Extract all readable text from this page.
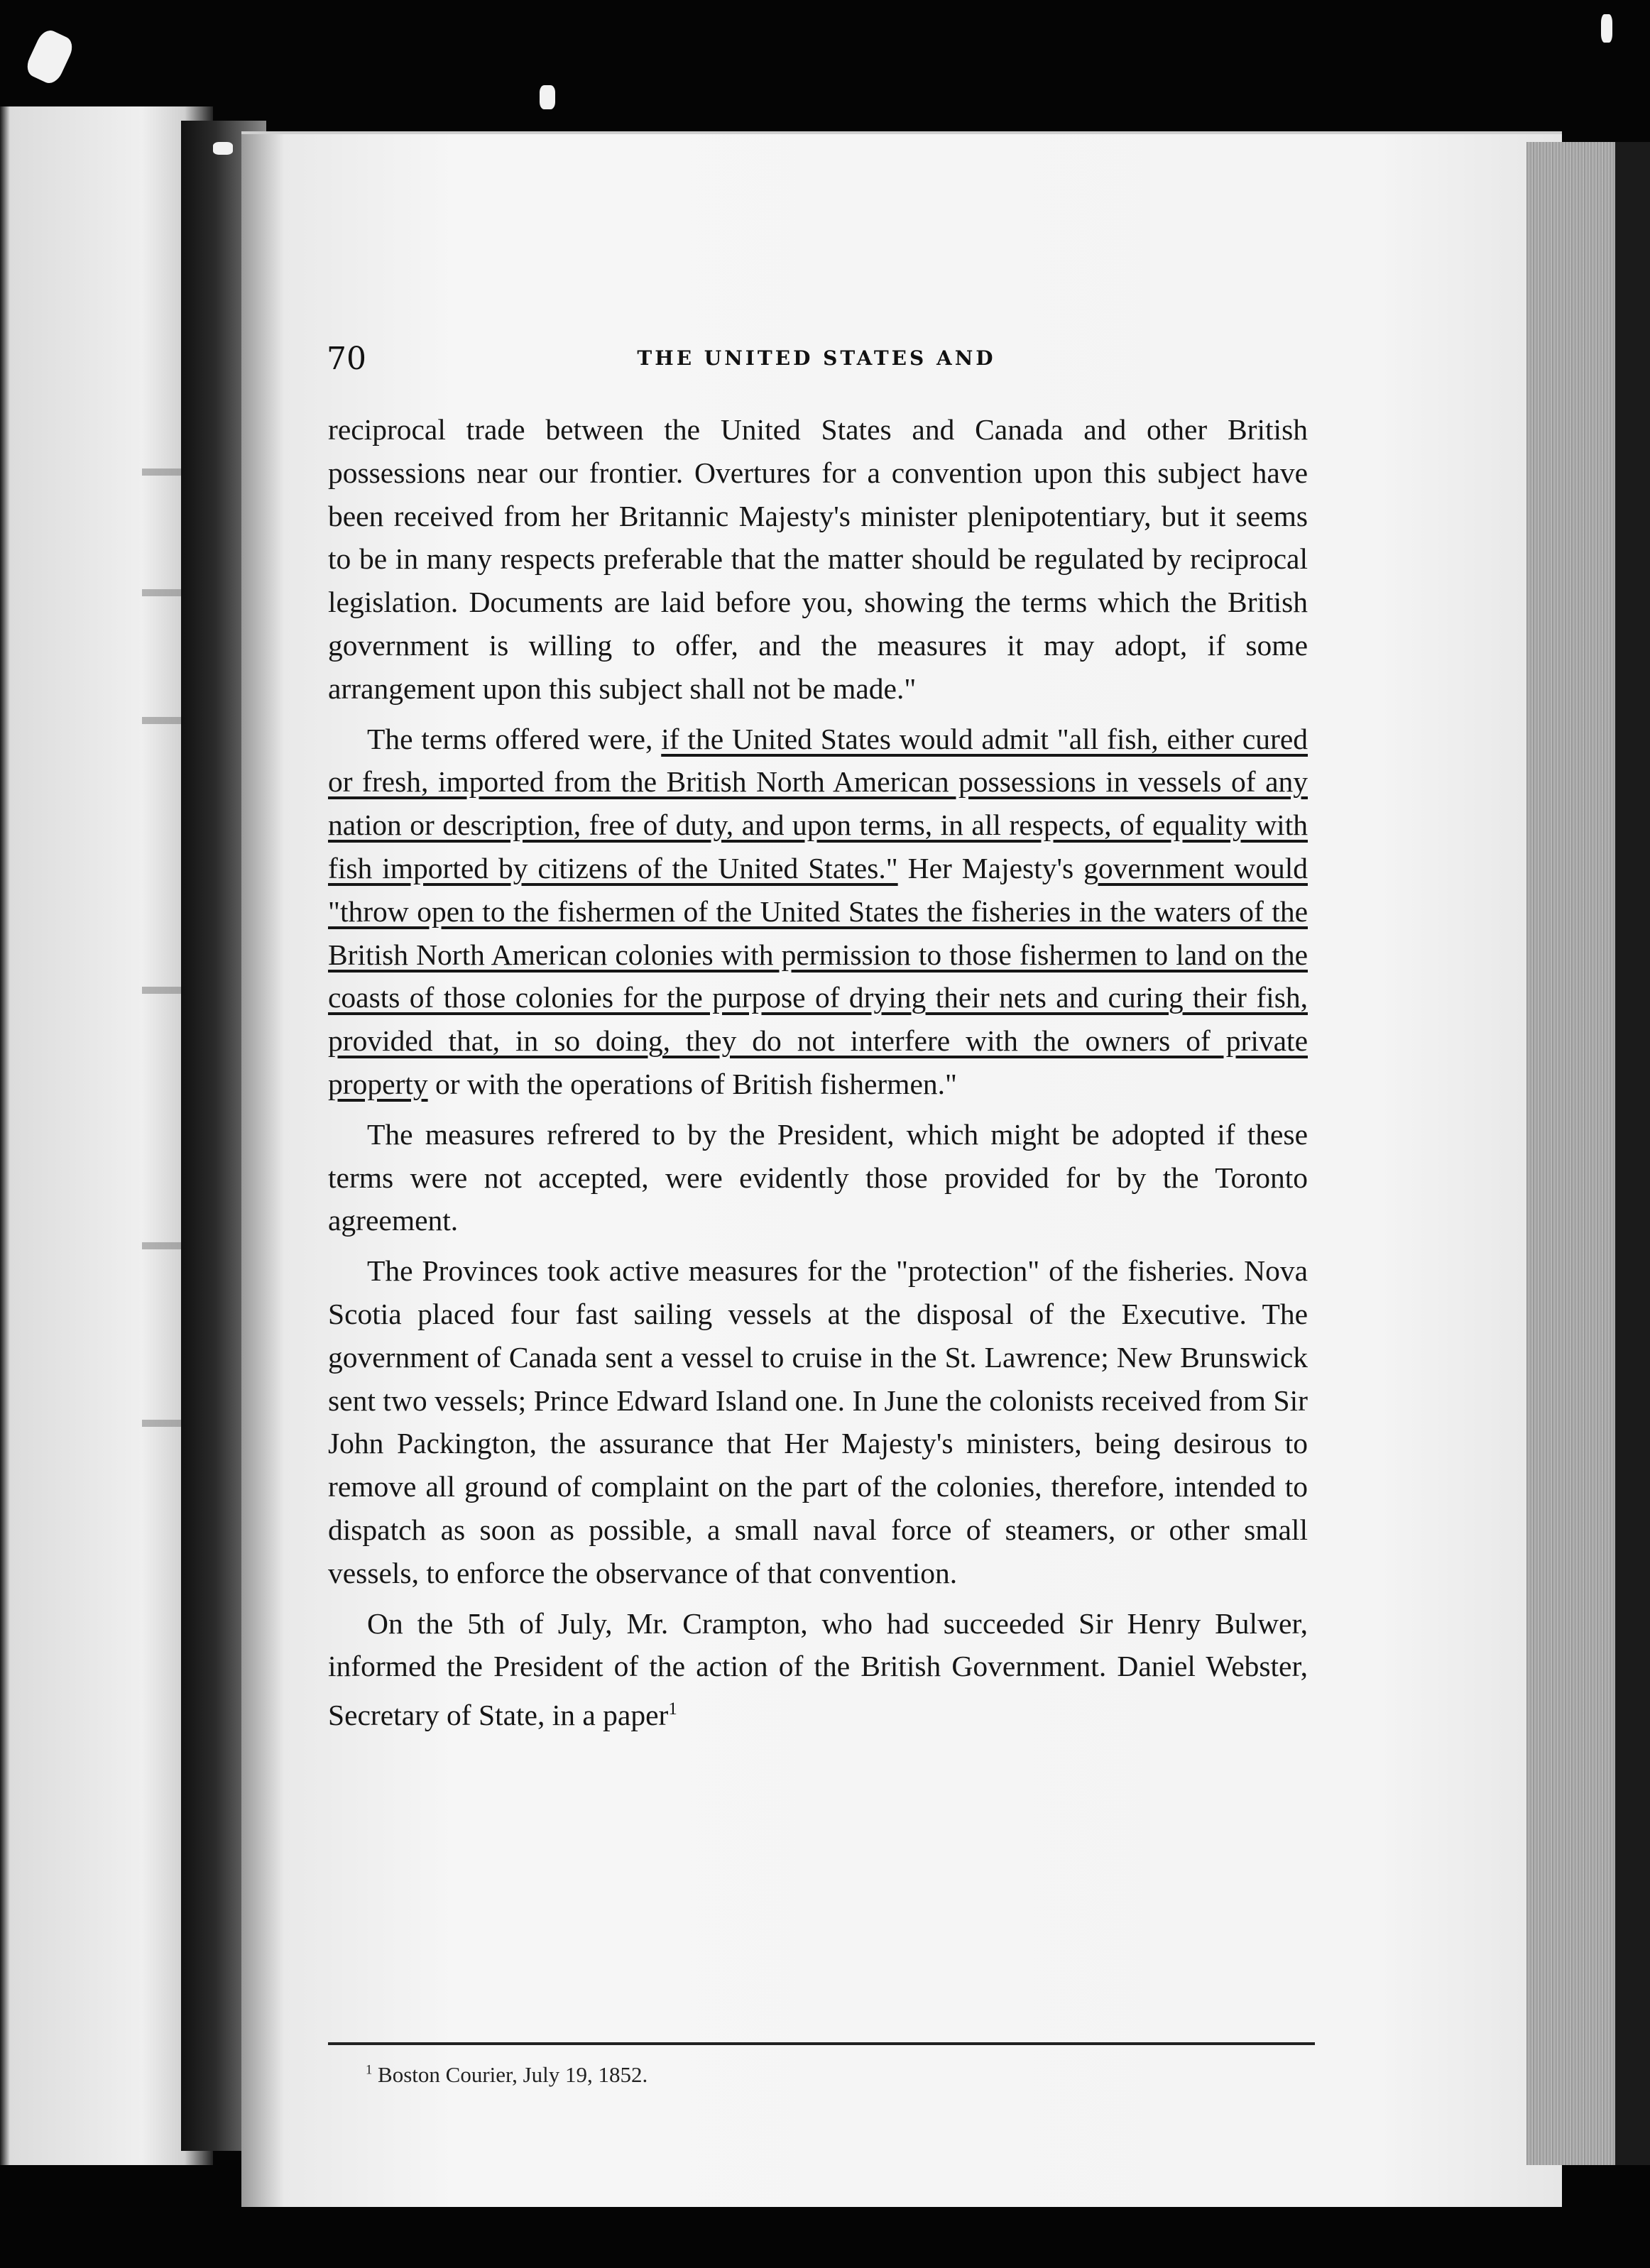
70	THE UNITED STATES AND

reciprocal trade between the United States and Canada and other British possessions near our frontier. Overtures for a convention upon this subject have been received from her Britannic Majesty's minister plenipotentiary, but it seems to be in many respects preferable that the matter should be regulated by reciprocal legislation. Documents are laid before you, showing the terms which the British government is willing to offer, and the measures it may adopt, if some arrangement upon this subject shall not be made."

The terms offered were, if the United States would admit "all fish, either cured or fresh, imported from the British North American possessions in vessels of any nation or description, free of duty, and upon terms, in all respects, of equality with fish imported by citizens of the United States." Her Majesty's government would "throw open to the fishermen of the United States the fisheries in the waters of the British North American colonies with permission to those fishermen to land on the coasts of those colonies for the purpose of drying their nets and curing their fish, provided that, in so doing, they do not interfere with the owners of private property or with the operations of British fishermen."

The measures refrered to by the President, which might be adopted if these terms were not accepted, were evidently those provided for by the Toronto agreement.

The Provinces took active measures for the "protection" of the fisheries. Nova Scotia placed four fast sailing vessels at the disposal of the Executive. The government of Canada sent a vessel to cruise in the St. Lawrence; New Brunswick sent two vessels; Prince Edward Island one. In June the colonists received from Sir John Packington, the assurance that Her Majesty's ministers, being desirous to remove all ground of complaint on the part of the colonies, therefore, intended to dispatch as soon as possible, a small naval force of steamers, or other small vessels, to enforce the observance of that convention.

On the 5th of July, Mr. Crampton, who had succeeded Sir Henry Bulwer, informed the President of the action of the British Government. Daniel Webster, Secretary of State, in a paper$^1$

$^1$ Boston Courier, July 19, 1852.
